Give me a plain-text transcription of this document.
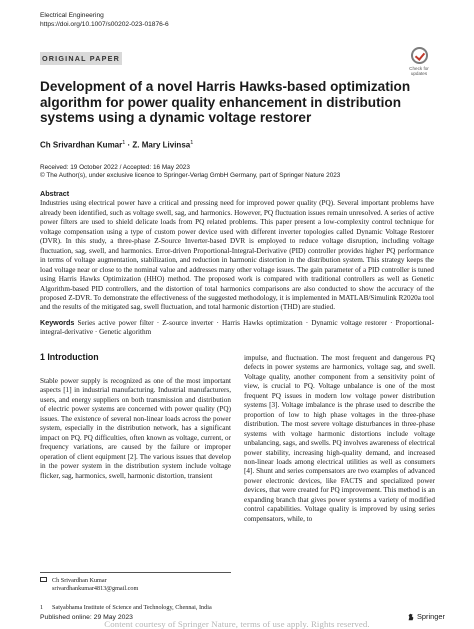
Electrical Engineering
https://doi.org/10.1007/s00202-023-01876-6
ORIGINAL PAPER
Check for updates
Development of a novel Harris Hawks-based optimization algorithm for power quality enhancement in distribution systems using a dynamic voltage restorer
Ch Srivardhan Kumar$^1$ · Z. Mary Livinsa$^1$
Received: 19 October 2022 / Accepted: 16 May 2023
© The Author(s), under exclusive licence to Springer-Verlag GmbH Germany, part of Springer Nature 2023
Abstract
Industries using electrical power have a critical and pressing need for improved power quality (PQ). Several important problems have already been identified, such as voltage swell, sag, and harmonics. However, PQ fluctuation issues remain unresolved. A series of active power filters are used to shield delicate loads from PQ related problems. This paper present a low-complexity control technique for voltage compensation using a type of custom power device used with different inverter topologies called Dynamic Voltage Restorer (DVR). In this study, a three-phase Z-Source Inverter-based DVR is employed to reduce voltage disruption, including voltage fluctuation, sag, swell, and harmonics. Error-driven Proportional-Integral-Derivative (PID) controller provides higher PQ performance in terms of voltage augmentation, stabilization, and reduction in harmonic distortion in the distribution system. This strategy keeps the load voltage near or close to the nominal value and addresses many other voltage issues. The gain parameter of a PID controller is tuned using Harris Hawks Optimization (HHO) method. The proposed work is compared with traditional controllers as well as Genetic Algorithm-based PID controllers, and the distortion of total harmonics comparisons are also conducted to show the accuracy of the proposed Z-DVR. To demonstrate the effectiveness of the suggested methodology, it is implemented in MATLAB/Simulink R2020a tool and the results of the mitigated sag, swell fluctuation, and total harmonic distortion (THD) are studied.
Keywords Series active power filter · Z-source inverter · Harris Hawks optimization · Dynamic voltage restorer · Proportional-integral-derivative · Genetic algorithm
1 Introduction
Stable power supply is recognized as one of the most important aspects [1] in industrial manufacturing. Industrial manufacturers, users, and energy suppliers on both transmission and distribution of electric power systems are concerned with power quality (PQ) issues. The existence of several non-linear loads across the power system, especially in the distribution network, has a significant impact on PQ. PQ difficulties, often known as voltage, current, or frequency variations, are caused by the failure or improper operation of client equipment [2]. The various issues that develop in the power system in the distribution system include voltage flicker, sag, harmonics, swell, harmonic distortion, transient
impulse, and fluctuation. The most frequent and dangerous PQ defects in power systems are harmonics, voltage sag, and swell. Voltage quality, another component from a sensitivity point of view, is crucial to PQ. Voltage unbalance is one of the most frequent PQ issues in modern low voltage power distribution systems [3]. Voltage imbalance is the phrase used to describe the proportion of low to high phase voltages in the three-phase distribution. The most severe voltage disturbances in three-phase systems with voltage harmonic distortions include voltage unbalancing, sags, and swells. PQ involves awareness of electrical power stability, increasing high-quality demand, and increased non-linear loads among electrical utilities as well as consumers [4]. Shunt and series compensators are two examples of advanced power electronic devices, like FACTS and specialized power devices, that were created for PQ improvement. This method is an expanding branch that gives power systems a variety of modified control capabilities. Voltage quality is improved by using series compensators, while, to
Ch Srivardhan Kumar
srivardhankumar4813@gmail.com
1 Satyabhama Institute of Science and Technology, Chennai, India
Published online: 29 May 2023	Springer
Content courtesy of Springer Nature, terms of use apply. Rights reserved.
